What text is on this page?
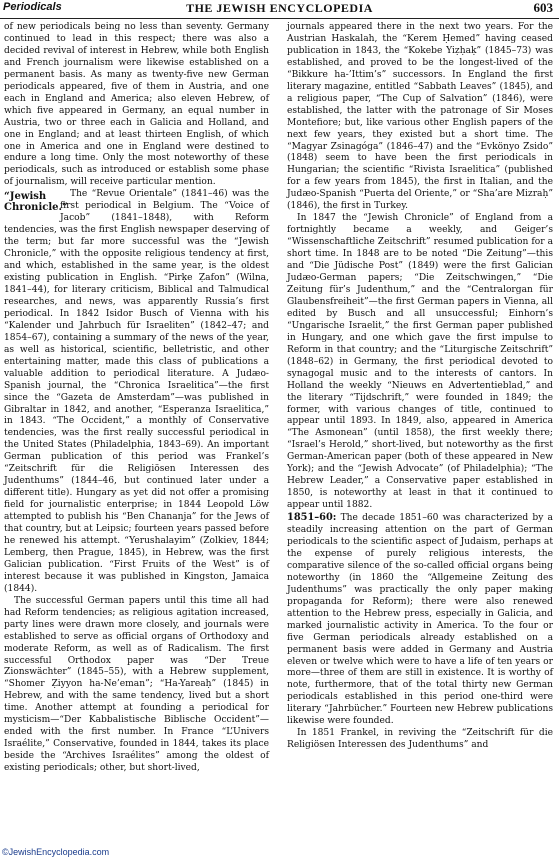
Periodicals	THE JEWISH ENCYCLOPEDIA	603

of new periodicals being no less than seventy. Germany continued to lead in this respect; there was also a decided revival of interest in Hebrew, while both English and French journalism were likewise established on a permanent basis. As many as twenty-five new German periodicals appeared, five of them in Austria, and one each in England and America; also eleven Hebrew, of which five appeared in Germany, an equal number in Austria, two or three each in Galicia and Holland, and one in England; and at least thirteen English, of which one in America and one in England were destined to endure a long time. Only the most noteworthy of these periodicals, such as introduced or establish some phase of journalism, will receive particular mention.

“Jewish Chronicle.”

The “Revue Orientale” (1841–46) was the first periodical in Belgium. The “Voice of Jacob” (1841–1848), with Reform tendencies, was the first English newspaper deserving of the term; but far more successful was the “Jewish Chronicle,” with the opposite religious tendency at first, and which, established in the same year, is the oldest existing publication in English. “Pirḳe Ẓafon” (Wilna, 1841–44), for literary criticism, Biblical and Talmudical researches, and news, was apparently Russia’s first periodical. In 1842 Isidor Busch of Vienna with his “Kalender und Jahrbuch für Israeliten” (1842–47; and 1854–67), containing a summary of the news of the year, as well as historical, scientific, belletristic, and other entertaining matter, made this class of publications a valuable addition to periodical literature. A Judæo-Spanish journal, the “Chronica Israelitica”—the first since the “Gazeta de Amsterdam”—was published in Gibraltar in 1842, and another, “Esperanza Israelitica,” in 1843. “The Occident,” a monthly of Conservative tendencies, was the first really successful periodical in the United States (Philadelphia, 1843–69). An important German publication of this period was Frankel’s “Zeitschrift für die Religiösen Interessen des Judenthums” (1844–46, but continued later under a different title). Hungary as yet did not offer a promising field for journalistic enterprise; in 1844 Leopold Löw attempted to publish his “Ben Chananja” for the Jews of that country, but at Leipsic; fourteen years passed before he renewed his attempt. “Yerushalayim” (Zolkiev, 1844; Lemberg, then Prague, 1845), in Hebrew, was the first Galician publication. “First Fruits of the West” is of interest because it was published in Kingston, Jamaica (1844).

The successful German papers until this time all had had Reform tendencies; as religious agitation increased, party lines were drawn more closely, and journals were established to serve as official organs of Orthodoxy and moderate Reform, as well as of Radicalism. The first successful Orthodox paper was “Der Treue Zionswächter” (1845–55), with a Hebrew supplement, “Shomer Ẓiyyon ha-Ne’eman”; “Ha-Yareaḥ” (1845) in Hebrew, and with the same tendency, lived but a short time. Another attempt at founding a periodical for mysticism—“Der Kabbalistische Biblische Occident”—ended with the first number. In France “L’Univers Israélite,” Conservative, founded in 1844, takes its place beside the “Archives Israélites” among the oldest of existing periodicals; other, but short-lived,

journals appeared there in the next two years. For the Austrian Haskalah, the “Kerem Ḥemed” having ceased publication in 1843, the “Kokebe Yiẓḥaḳ” (1845–73) was established, and proved to be the longest-lived of the “Bikkure ha-’Ittim’s” successors. In England the first literary magazine, entitled “Sabbath Leaves” (1845), and a religious paper, “The Cup of Salvation” (1846), were established, the latter with the patronage of Sir Moses Montefiore; but, like various other English papers of the next few years, they existed but a short time. The “Magyar Zsinagóga” (1846–47) and the “Evkönyo Zsido” (1848) seem to have been the first periodicals in Hungarian; the scientific “Rivista Israelitica” (published for a few years from 1845), the first in Italian, and the Judæo-Spanish “Puerta del Oriente,” or “Sha’are Mizraḥ” (1846), the first in Turkey.

In 1847 the “Jewish Chronicle” of England from a fortnightly became a weekly, and Geiger’s “Wissenschaftliche Zeitschrift” resumed publication for a short time. In 1848 are to be noted “Die Zeitung”—this and “Die Jüdische Post” (1849) were the first Galician Judæo-German papers; “Die Zeitschwingen,” “Die Zeitung für’s Judenthum,” and the “Centralorgan für Glaubensfreiheit”—the first German papers in Vienna, all edited by Busch and all unsuccessful; Einhorn’s “Ungarische Israelit,” the first German paper published in Hungary, and one which gave the first impulse to Reform in that country; and the “Liturgische Zeitschrift” (1848–62) in Germany, the first periodical devoted to synagogal music and to the interests of cantors. In Holland the weekly “Nieuws en Advertentieblad,” and the literary “Tijdschrift,” were founded in 1849; the former, with various changes of title, continued to appear until 1893. In 1849, also, appeared in America “The Asmonean” (until 1858), the first weekly there; “Israel’s Herold,” short-lived, but noteworthy as the first German-American paper (both of these appeared in New York); and the “Jewish Advocate” (of Philadelphia); “The Hebrew Leader,” a Conservative paper established in 1850, is noteworthy at least in that it continued to appear until 1882.

1851–60: The decade 1851–60 was characterized by a steadily increasing attention on the part of German periodicals to the scientific aspect of Judaism, perhaps at the expense of purely religious interests, the comparative silence of the so-called official organs being noteworthy (in 1860 the “Allgemeine Zeitung des Judenthums” was practically the only paper making propaganda for Reform); there were also renewed attention to the Hebrew press, especially in Galicia, and marked journalistic activity in America. To the four or five German periodicals already established on a permanent basis were added in Germany and Austria eleven or twelve which were to have a life of ten years or more—three of them are still in existence. It is worthy of note, furthermore, that of the total thirty new German periodicals established in this period one-third were literary “Jahrbücher.” Fourteen new Hebrew publications likewise were founded.

In 1851 Frankel, in reviving the “Zeitschrift für die Religiösen Interessen des Judenthums” and

©JewishEncyclopedia.com
